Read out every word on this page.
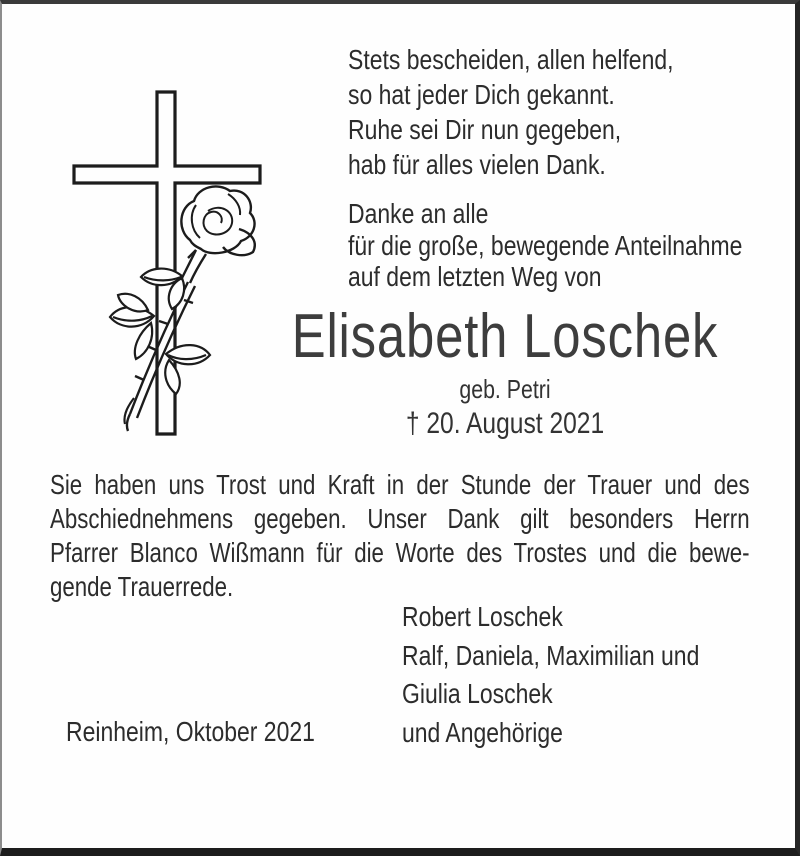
Stets bescheiden, allen helfend,
so hat jeder Dich gekannt.
Ruhe sei Dir nun gegeben,
hab für alles vielen Dank.
Danke an alle
für die große, bewegende Anteilnahme
auf dem letzten Weg von
Elisabeth Loschek
geb. Petri
† 20. August 2021
Sie haben uns Trost und Kraft in der Stunde der Trauer und des
Abschiednehmens gegeben. Unser Dank gilt besonders Herrn
Pfarrer Blanco Wißmann für die Worte des Trostes und die bewe-
gende Trauerrede.
Robert Loschek
Ralf, Daniela, Maximilian und
Giulia Loschek
und Angehörige
Reinheim, Oktober 2021
